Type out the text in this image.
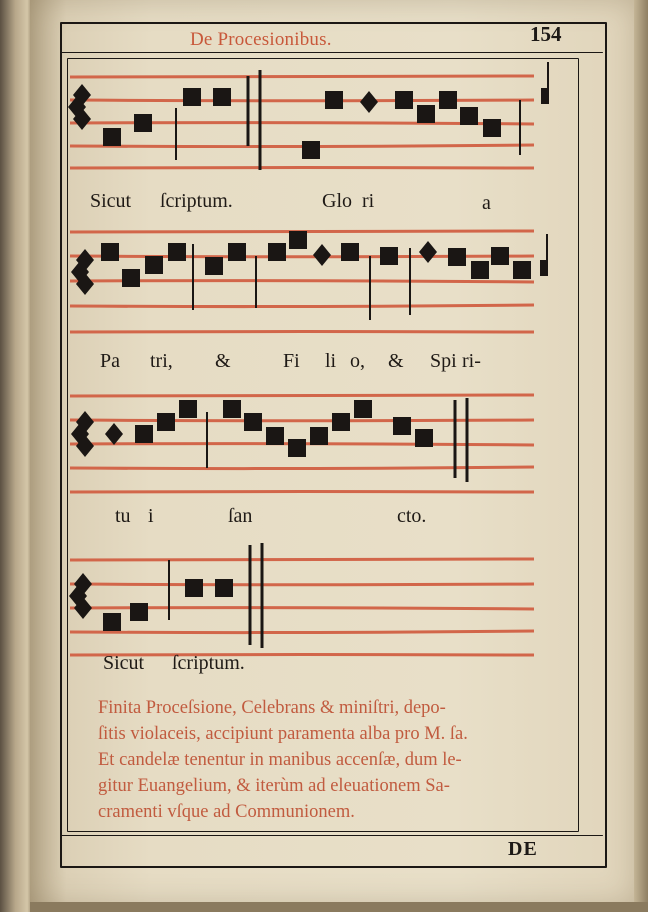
De Procesionibus.	154
Sicut ſcriptum.	Glo ri	a
Pa tri, &	Fi li o, & Spi ri-
tu i	ſan	cto.
Sicut ſcriptum.
Finita Proceſsione, Celebrans & miniſtri, depo-
ſitis violaceis, accipiunt paramenta alba pro M. ſa.
Et candelæ tenentur in manibus accenſæ, dum le-
gitur Euangelium, & iterùm ad eleuationem Sa-
cramenti vſque ad Communionem.
DE
